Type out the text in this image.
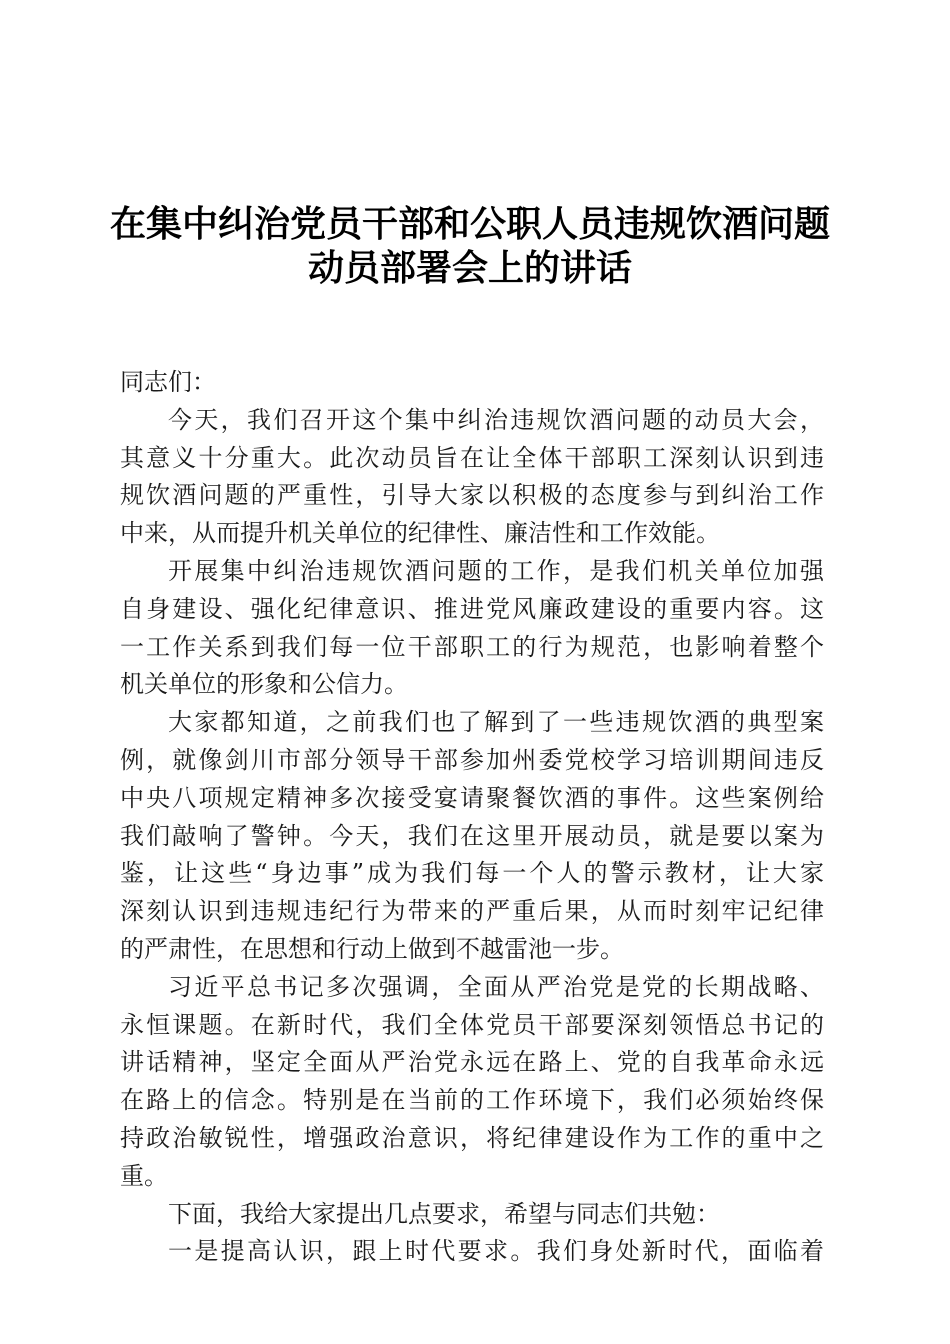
在集中纠治党员干部和公职人员违规饮酒问题
动员部署会上的讲话
同志们：
今天，我们召开这个集中纠治违规饮酒问题的动员大会，
其意义十分重大。此次动员旨在让全体干部职工深刻认识到违
规饮酒问题的严重性，引导大家以积极的态度参与到纠治工作
中来，从而提升机关单位的纪律性、廉洁性和工作效能。
开展集中纠治违规饮酒问题的工作，是我们机关单位加强
自身建设、强化纪律意识、推进党风廉政建设的重要内容。这
一工作关系到我们每一位干部职工的行为规范，也影响着整个
机关单位的形象和公信力。
大家都知道，之前我们也了解到了一些违规饮酒的典型案
例，就像剑川市部分领导干部参加州委党校学习培训期间违反
中央八项规定精神多次接受宴请聚餐饮酒的事件。这些案例给
我们敲响了警钟。今天，我们在这里开展动员，就是要以案为
鉴，让这些“身边事”成为我们每一个人的警示教材，让大家
深刻认识到违规违纪行为带来的严重后果，从而时刻牢记纪律
的严肃性，在思想和行动上做到不越雷池一步。
习近平总书记多次强调，全面从严治党是党的长期战略、
永恒课题。在新时代，我们全体党员干部要深刻领悟总书记的
讲话精神，坚定全面从严治党永远在路上、党的自我革命永远
在路上的信念。特别是在当前的工作环境下，我们必须始终保
持政治敏锐性，增强政治意识，将纪律建设作为工作的重中之
重。
下面，我给大家提出几点要求，希望与同志们共勉：
一是提高认识，跟上时代要求。我们身处新时代，面临着
